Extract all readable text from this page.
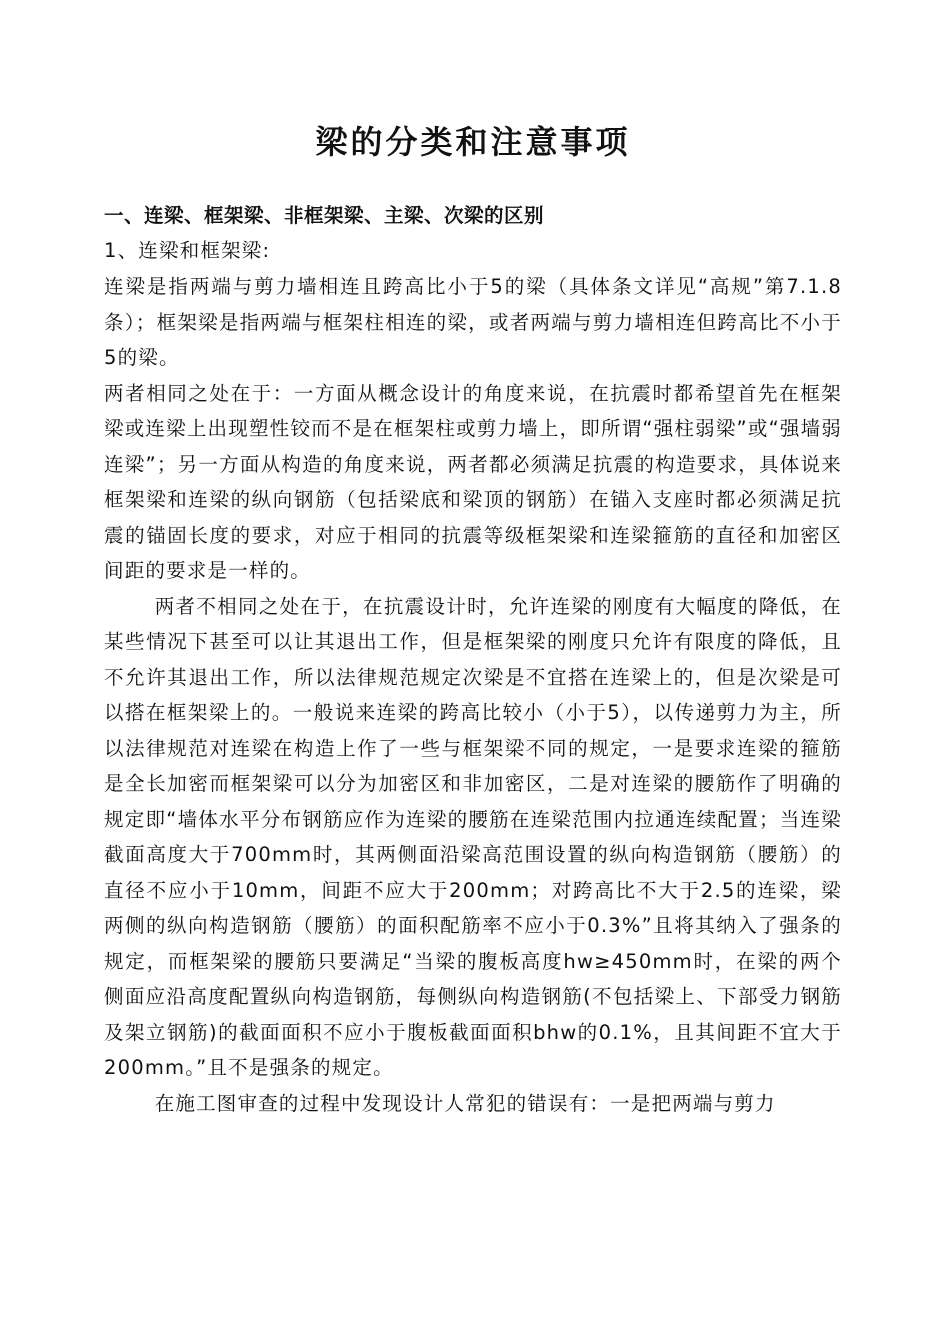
梁的分类和注意事项
一、连梁、框架梁、非框架梁、主梁、次梁的区别

1、连梁和框架梁:

连梁是指两端与剪力墙相连且跨高比小于5的梁（具体条文详见“高规”第7.1.8条）；框架梁是指两端与框架柱相连的梁，或者两端与剪力墙相连但跨高比不小于5的梁。

两者相同之处在于：一方面从概念设计的角度来说，在抗震时都希望首先在框架梁或连梁上出现塑性铰而不是在框架柱或剪力墙上，即所谓“强柱弱梁”或“强墙弱连梁”；另一方面从构造的角度来说，两者都必须满足抗震的构造要求，具体说来框架梁和连梁的纵向钢筋（包括梁底和梁顶的钢筋）在锚入支座时都必须满足抗震的锚固长度的要求，对应于相同的抗震等级框架梁和连梁箍筋的直径和加密区间距的要求是一样的。

两者不相同之处在于，在抗震设计时，允许连梁的刚度有大幅度的降低，在某些情况下甚至可以让其退出工作，但是框架梁的刚度只允许有限度的降低，且不允许其退出工作，所以法律规范规定次梁是不宜搭在连梁上的，但是次梁是可以搭在框架梁上的。一般说来连梁的跨高比较小（小于5），以传递剪力为主，所以法律规范对连梁在构造上作了一些与框架梁不同的规定，一是要求连梁的箍筋是全长加密而框架梁可以分为加密区和非加密区，二是对连梁的腰筋作了明确的规定即“墙体水平分布钢筋应作为连梁的腰筋在连梁范围内拉通连续配置；当连梁截面高度大于700mm时，其两侧面沿梁高范围设置的纵向构造钢筋（腰筋）的直径不应小于10mm，间距不应大于200mm；对跨高比不大于2.5的连梁，梁两侧的纵向构造钢筋（腰筋）的面积配筋率不应小于0.3%”且将其纳入了强条的规定，而框架梁的腰筋只要满足“当梁的腹板高度hw≥450mm时，在梁的两个侧面应沿高度配置纵向构造钢筋，每侧纵向构造钢筋(不包括梁上、下部受力钢筋及架立钢筋)的截面面积不应小于腹板截面面积bhw的0.1%，且其间距不宜大于200mm。”且不是强条的规定。

在施工图审查的过程中发现设计人常犯的错误有：一是把两端与剪力
